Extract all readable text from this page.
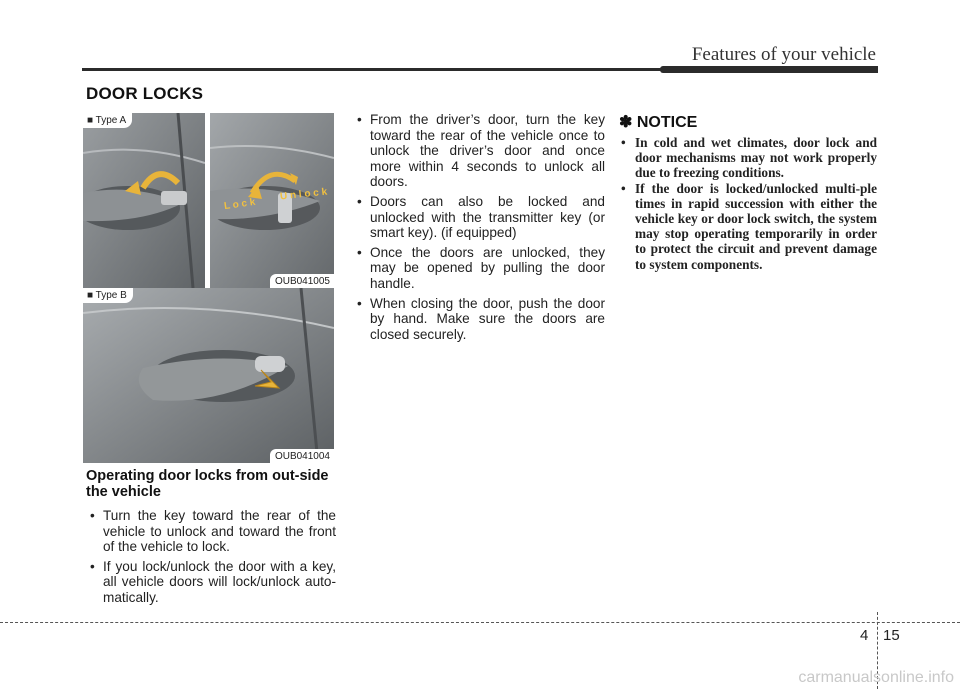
Features of your vehicle
DOOR LOCKS
■ Type A
L o c k
U n l o c k
OUB041005
■ Type B
OUB041004
Operating door locks from out-side the vehicle
• Turn the key toward the rear of the vehicle to unlock and toward the front of the vehicle to lock.
• If you lock/unlock the door with a key, all vehicle doors will lock/unlock auto-matically.
• From the driver’s door, turn the key toward the rear of the vehicle once to unlock the driver’s door and once more within 4 seconds to unlock all doors.
• Doors can also be locked and unlocked with the transmitter key (or smart key). (if equipped)
• Once the doors are unlocked, they may be opened by pulling the door handle.
• When closing the door, push the door by hand. Make sure the doors are closed securely.
✽ NOTICE
• In cold and wet climates, door lock and door mechanisms may not work properly due to freezing conditions.
• If the door is locked/unlocked multi-ple times in rapid succession with either the vehicle key or door lock switch, the system may stop operating temporarily in order to protect the circuit and prevent damage to system components.
4 15
carmanualsonline.info
